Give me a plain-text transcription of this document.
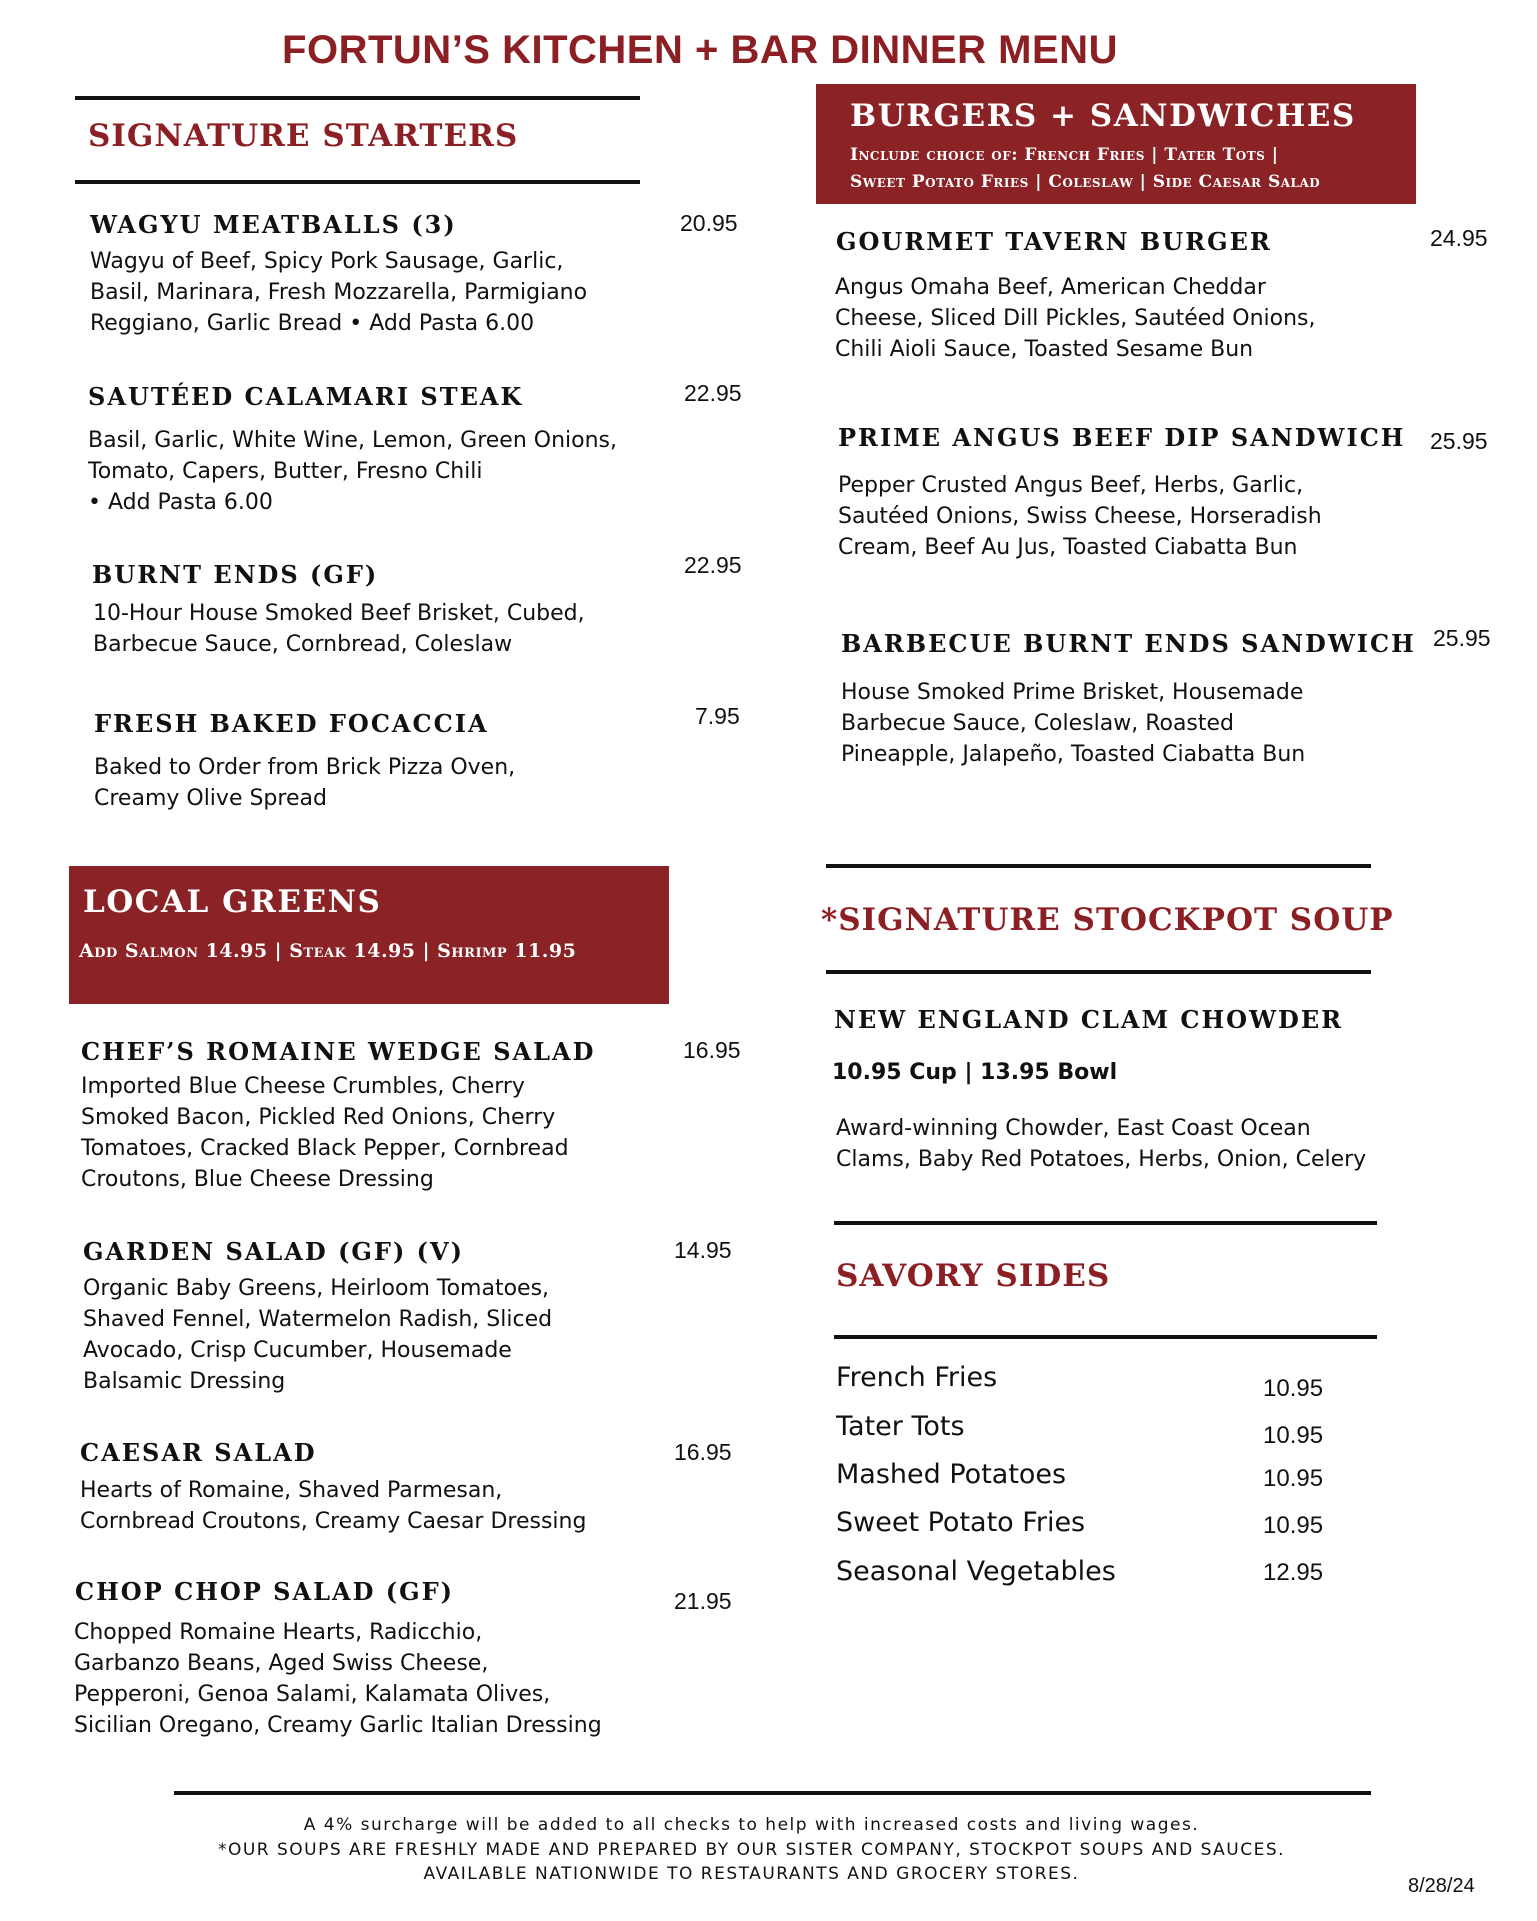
FORTUN’S KITCHEN + BAR DINNER MENU
SIGNATURE STARTERS
WAGYU MEATBALLS (3)	20.95
Wagyu of Beef, Spicy Pork Sausage, Garlic,
Basil, Marinara, Fresh Mozzarella, Parmigiano
Reggiano, Garlic Bread • Add Pasta 6.00
SAUTÉED CALAMARI STEAK	22.95
Basil, Garlic, White Wine, Lemon, Green Onions,
Tomato, Capers, Butter, Fresno Chili
• Add Pasta 6.00
BURNT ENDS (GF)	22.95
10-Hour House Smoked Beef Brisket, Cubed,
Barbecue Sauce, Cornbread, Coleslaw
FRESH BAKED FOCACCIA	7.95
Baked to Order from Brick Pizza Oven,
Creamy Olive Spread
BURGERS + SANDWICHES
Include choice of: French Fries | Tater Tots |
Sweet Potato Fries | Coleslaw | Side Caesar Salad
GOURMET TAVERN BURGER	24.95
Angus Omaha Beef, American Cheddar
Cheese, Sliced Dill Pickles, Sautéed Onions,
Chili Aioli Sauce, Toasted Sesame Bun
PRIME ANGUS BEEF DIP SANDWICH 25.95
Pepper Crusted Angus Beef, Herbs, Garlic,
Sautéed Onions, Swiss Cheese, Horseradish
Cream, Beef Au Jus, Toasted Ciabatta Bun
BARBECUE BURNT ENDS SANDWICH 25.95
House Smoked Prime Brisket, Housemade
Barbecue Sauce, Coleslaw, Roasted
Pineapple, Jalapeño, Toasted Ciabatta Bun
LOCAL GREENS
Add Salmon 14.95 | Steak 14.95 | Shrimp 11.95
CHEF’S ROMAINE WEDGE SALAD	16.95
Imported Blue Cheese Crumbles, Cherry
Smoked Bacon, Pickled Red Onions, Cherry
Tomatoes, Cracked Black Pepper, Cornbread
Croutons, Blue Cheese Dressing
GARDEN SALAD (GF) (V)	14.95
Organic Baby Greens, Heirloom Tomatoes,
Shaved Fennel, Watermelon Radish, Sliced
Avocado, Crisp Cucumber, Housemade
Balsamic Dressing
CAESAR SALAD	16.95
Hearts of Romaine, Shaved Parmesan,
Cornbread Croutons, Creamy Caesar Dressing
CHOP CHOP SALAD (GF)	21.95
Chopped Romaine Hearts, Radicchio,
Garbanzo Beans, Aged Swiss Cheese,
Pepperoni, Genoa Salami, Kalamata Olives,
Sicilian Oregano, Creamy Garlic Italian Dressing
*SIGNATURE STOCKPOT SOUP
NEW ENGLAND CLAM CHOWDER
10.95 Cup | 13.95 Bowl
Award-winning Chowder, East Coast Ocean
Clams, Baby Red Potatoes, Herbs, Onion, Celery
SAVORY SIDES
French Fries	10.95
Tater Tots	10.95
Mashed Potatoes	10.95
Sweet Potato Fries	10.95
Seasonal Vegetables	12.95
A 4% surcharge will be added to all checks to help with increased costs and living wages.
*OUR SOUPS ARE FRESHLY MADE AND PREPARED BY OUR SISTER COMPANY, STOCKPOT SOUPS AND SAUCES.
AVAILABLE NATIONWIDE TO RESTAURANTS AND GROCERY STORES.
8/28/24
